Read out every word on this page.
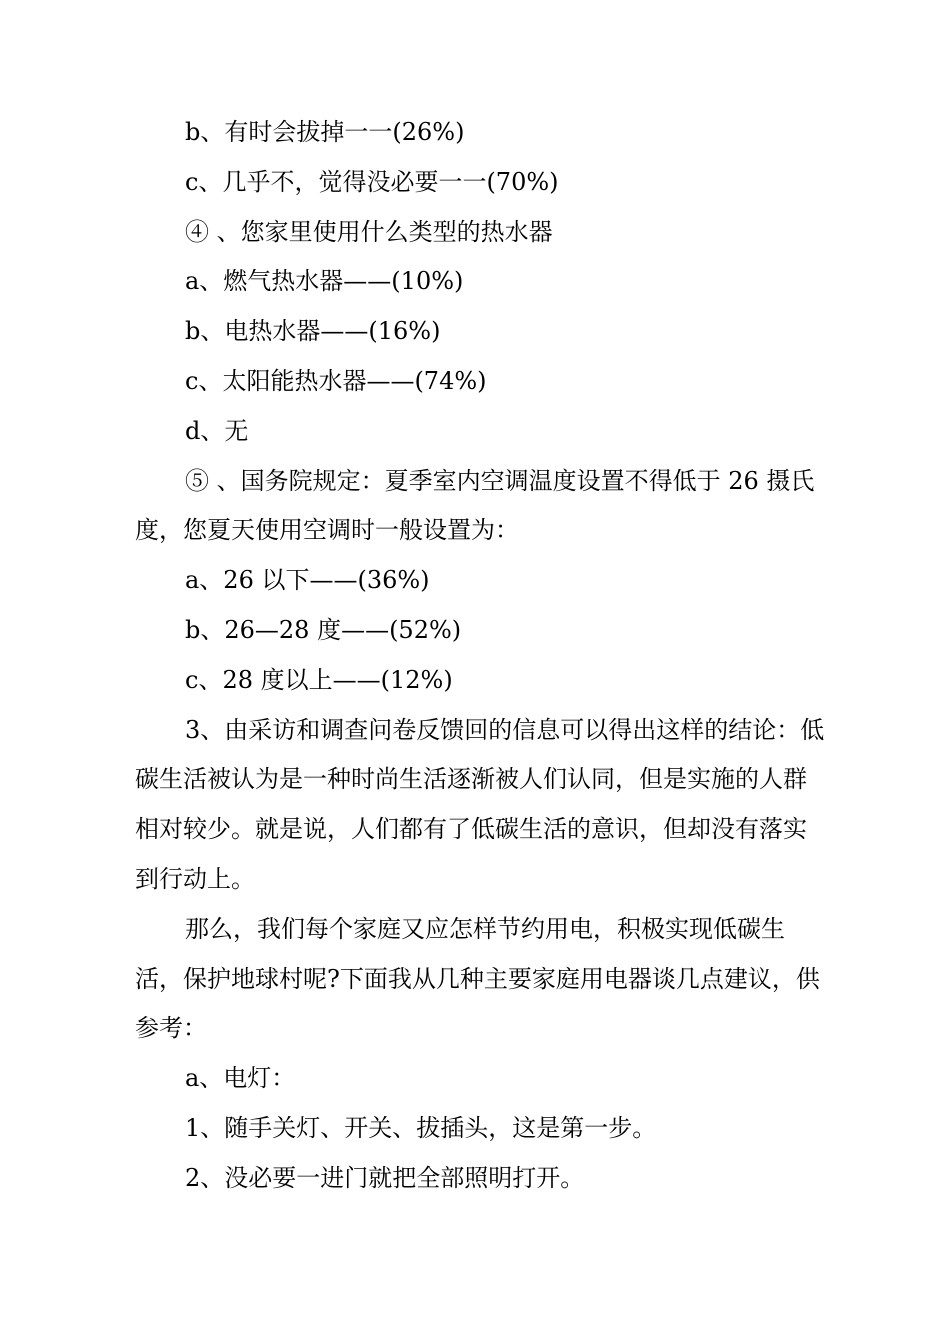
b、有时会拔掉一一(26%)

c、几乎不，觉得没必要一一(70%)

④ 、您家里使用什么类型的热水器

a、燃气热水器——(10%)

b、电热水器——(16%)

c、太阳能热水器——(74%)

d、无

⑤ 、国务院规定：夏季室内空调温度设置不得低于 26 摄氏度，您夏天使用空调时一般设置为：

a、26 以下——(36%)

b、26—28 度——(52%)

c、28 度以上——(12%)

3、由采访和调查问卷反馈回的信息可以得出这样的结论：低碳生活被认为是一种时尚生活逐渐被人们认同，但是实施的人群相对较少。就是说，人们都有了低碳生活的意识，但却没有落实到行动上。

那么，我们每个家庭又应怎样节约用电，积极实现低碳生活，保护地球村呢?下面我从几种主要家庭用电器谈几点建议，供参考：

a、电灯：

1、随手关灯、开关、拔插头，这是第一步。

2、没必要一进门就把全部照明打开。
